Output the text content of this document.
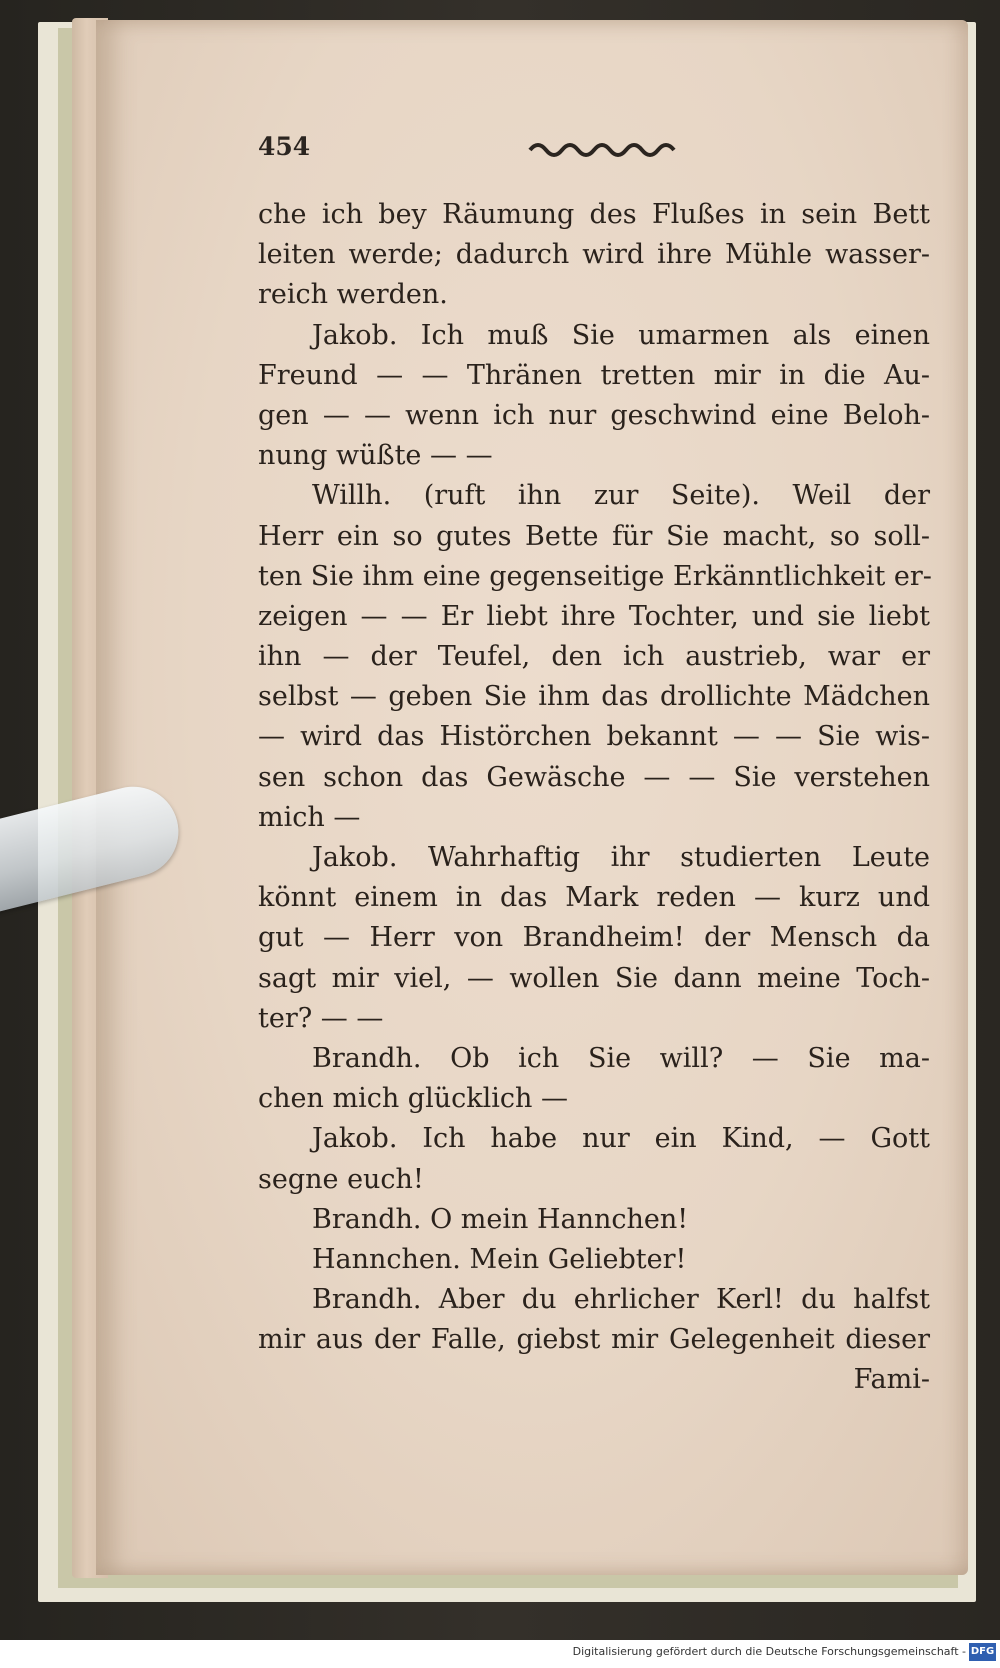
454
che ich bey Räumung des Flußes in sein Bett
leiten werde; dadurch wird ihre Mühle wasser-
reich werden.
Jakob. Ich muß Sie umarmen als einen
Freund — — Thränen tretten mir in die Au-
gen — — wenn ich nur geschwind eine Beloh-
nung wüßte — —
Willh. (ruft ihn zur Seite). Weil der
Herr ein so gutes Bette für Sie macht, so soll-
ten Sie ihm eine gegenseitige Erkänntlichkeit er-
zeigen — — Er liebt ihre Tochter, und sie liebt
ihn — der Teufel, den ich austrieb, war er
selbst — geben Sie ihm das drollichte Mädchen
— wird das Histörchen bekannt — — Sie wis-
sen schon das Gewäsche — — Sie verstehen
mich —
Jakob. Wahrhaftig ihr studierten Leute
könnt einem in das Mark reden — kurz und
gut — Herr von Brandheim! der Mensch da
sagt mir viel, — wollen Sie dann meine Toch-
ter? — —
Brandh. Ob ich Sie will? — Sie ma-
chen mich glücklich —
Jakob. Ich habe nur ein Kind, — Gott
segne euch!
Brandh. O mein Hannchen!
Hannchen. Mein Geliebter!
Brandh. Aber du ehrlicher Kerl! du halfst
mir aus der Falle, giebst mir Gelegenheit dieser
Fami-
Digitalisierung gefördert durch die Deutsche Forschungsgemeinschaft - DFG
